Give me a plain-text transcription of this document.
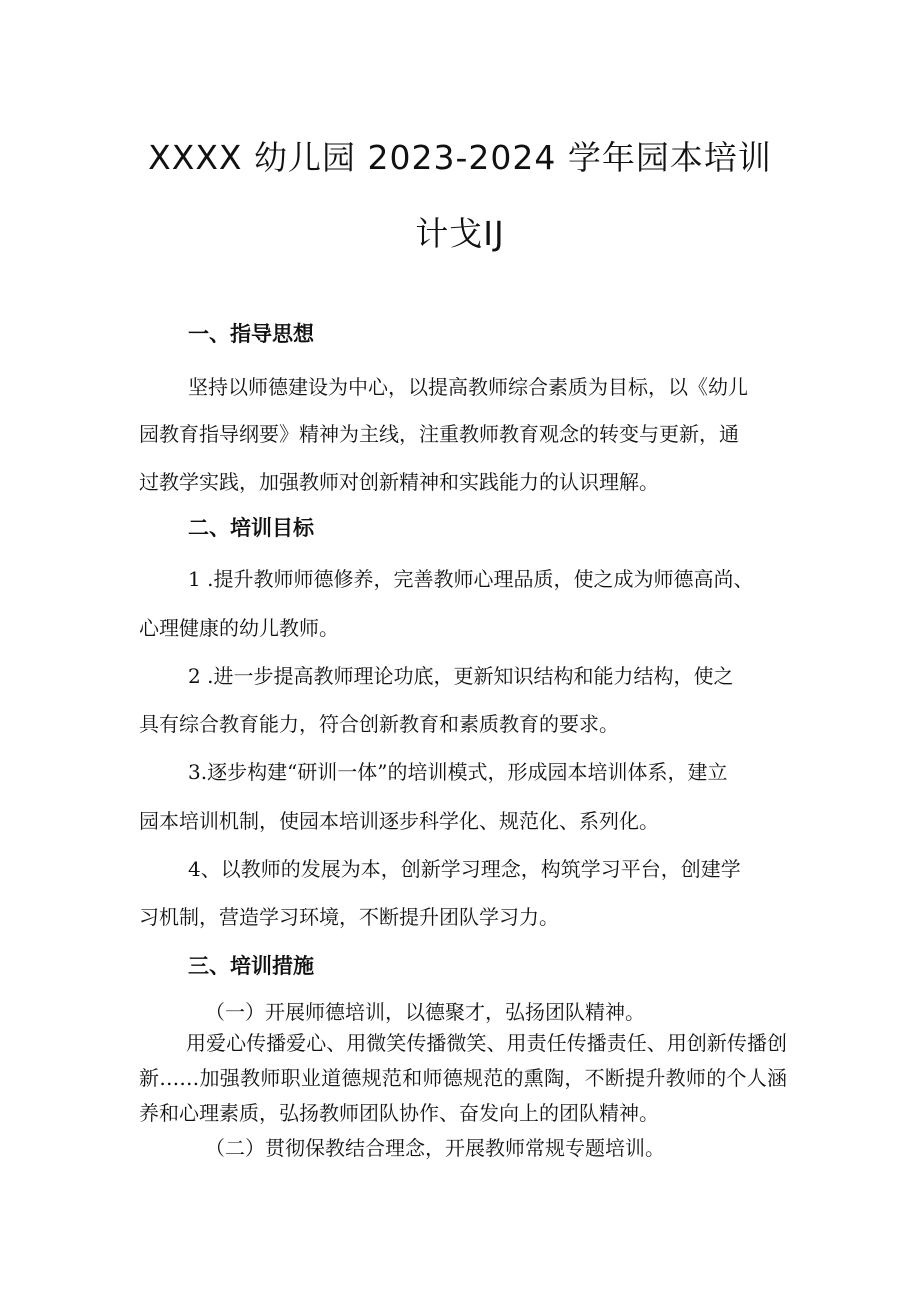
XXXX 幼儿园 2023-2024 学年园本培训
计戈IJ
一、指导思想

坚持以师德建设为中心，以提高教师综合素质为目标，以《幼儿

园教育指导纲要》精神为主线，注重教师教育观念的转变与更新，通

过教学实践，加强教师对创新精神和实践能力的认识理解。

二、培训目标

1 .提升教师师德修养，完善教师心理品质，使之成为师德高尚、

心理健康的幼儿教师。

2 .进一步提高教师理论功底，更新知识结构和能力结构，使之

具有综合教育能力，符合创新教育和素质教育的要求。

3.逐步构建“研训一体”的培训模式，形成园本培训体系，建立

园本培训机制，使园本培训逐步科学化、规范化、系列化。

4、以教师的发展为本，创新学习理念，构筑学习平台，创建学

习机制，营造学习环境，不断提升团队学习力。

三、培训措施

（一）开展师德培训，以德聚才，弘扬团队精神。

用爱心传播爱心、用微笑传播微笑、用责任传播责任、用创新传播创新……加强教师职业道德规范和师德规范的熏陶，不断提升教师的个人涵养和心理素质，弘扬教师团队协作、奋发向上的团队精神。

（二）贯彻保教结合理念，开展教师常规专题培训。
